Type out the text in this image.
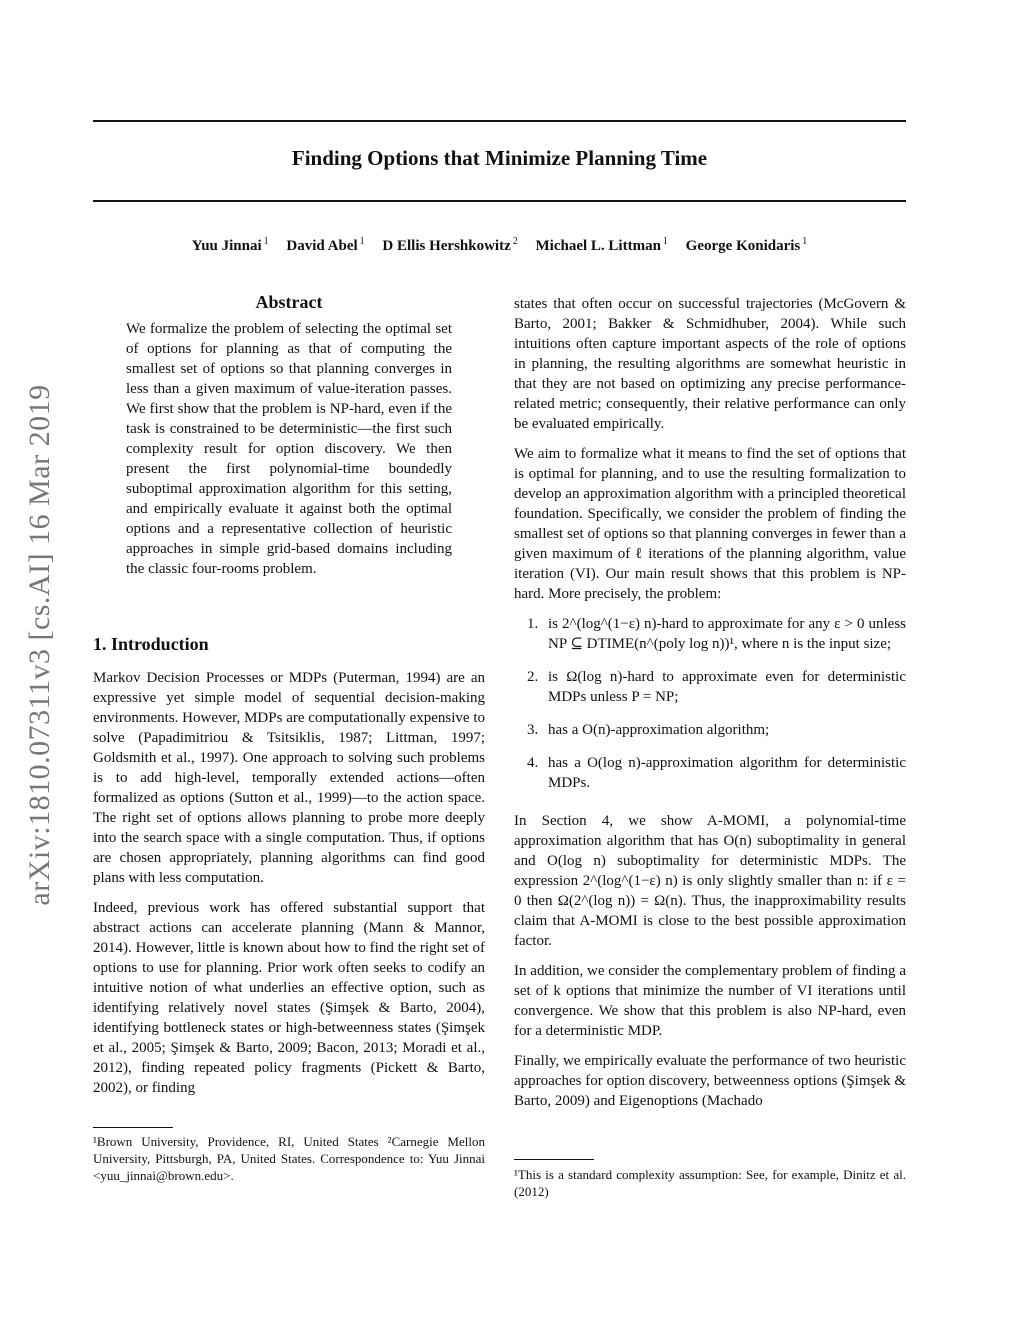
Finding Options that Minimize Planning Time
Yuu Jinnai $^1$ David Abel $^1$ D Ellis Hershkowitz $^2$ Michael L. Littman $^1$ George Konidaris $^1$
arXiv:1810.07311v3 [cs.AI] 16 Mar 2019
Abstract
We formalize the problem of selecting the optimal set of options for planning as that of computing the smallest set of options so that planning converges in less than a given maximum of value-iteration passes. We first show that the problem is NP-hard, even if the task is constrained to be deterministic—the first such complexity result for option discovery. We then present the first polynomial-time boundedly suboptimal approximation algorithm for this setting, and empirically evaluate it against both the optimal options and a representative collection of heuristic approaches in simple grid-based domains including the classic four-rooms problem.
1. Introduction

Markov Decision Processes or MDPs (Puterman, 1994) are an expressive yet simple model of sequential decision-making environments. However, MDPs are computationally expensive to solve (Papadimitriou & Tsitsiklis, 1987; Littman, 1997; Goldsmith et al., 1997). One approach to solving such problems is to add high-level, temporally extended actions—often formalized as options (Sutton et al., 1999)—to the action space. The right set of options allows planning to probe more deeply into the search space with a single computation. Thus, if options are chosen appropriately, planning algorithms can find good plans with less computation.

Indeed, previous work has offered substantial support that abstract actions can accelerate planning (Mann & Mannor, 2014). However, little is known about how to find the right set of options to use for planning. Prior work often seeks to codify an intuitive notion of what underlies an effective option, such as identifying relatively novel states (Şimşek & Barto, 2004), identifying bottleneck states or high-betweenness states (Şimşek et al., 2005; Şimşek & Barto, 2009; Bacon, 2013; Moradi et al., 2012), finding repeated policy fragments (Pickett & Barto, 2002), or finding

¹Brown University, Providence, RI, United States ²Carnegie Mellon University, Pittsburgh, PA, United States. Correspondence to: Yuu Jinnai <yuu_jinnai@brown.edu>.

states that often occur on successful trajectories (McGovern & Barto, 2001; Bakker & Schmidhuber, 2004). While such intuitions often capture important aspects of the role of options in planning, the resulting algorithms are somewhat heuristic in that they are not based on optimizing any precise performance-related metric; consequently, their relative performance can only be evaluated empirically.

We aim to formalize what it means to find the set of options that is optimal for planning, and to use the resulting formalization to develop an approximation algorithm with a principled theoretical foundation. Specifically, we consider the problem of finding the smallest set of options so that planning converges in fewer than a given maximum of ℓ iterations of the planning algorithm, value iteration (VI). Our main result shows that this problem is NP-hard. More precisely, the problem:

1. is 2^(log^(1−ε) n)-hard to approximate for any ε > 0 unless NP ⊆ DTIME(n^(poly log n))¹, where n is the input size;
2. is Ω(log n)-hard to approximate even for deterministic MDPs unless P = NP;
3. has a O(n)-approximation algorithm;
4. has a O(log n)-approximation algorithm for deterministic MDPs.

In Section 4, we show A-MOMI, a polynomial-time approximation algorithm that has O(n) suboptimality in general and O(log n) suboptimality for deterministic MDPs. The expression 2^(log^(1−ε) n) is only slightly smaller than n: if ε = 0 then Ω(2^(log n)) = Ω(n). Thus, the inapproximability results claim that A-MOMI is close to the best possible approximation factor.

In addition, we consider the complementary problem of finding a set of k options that minimize the number of VI iterations until convergence. We show that this problem is also NP-hard, even for a deterministic MDP.

Finally, we empirically evaluate the performance of two heuristic approaches for option discovery, betweenness options (Şimşek & Barto, 2009) and Eigenoptions (Machado

¹This is a standard complexity assumption: See, for example, Dinitz et al. (2012)
